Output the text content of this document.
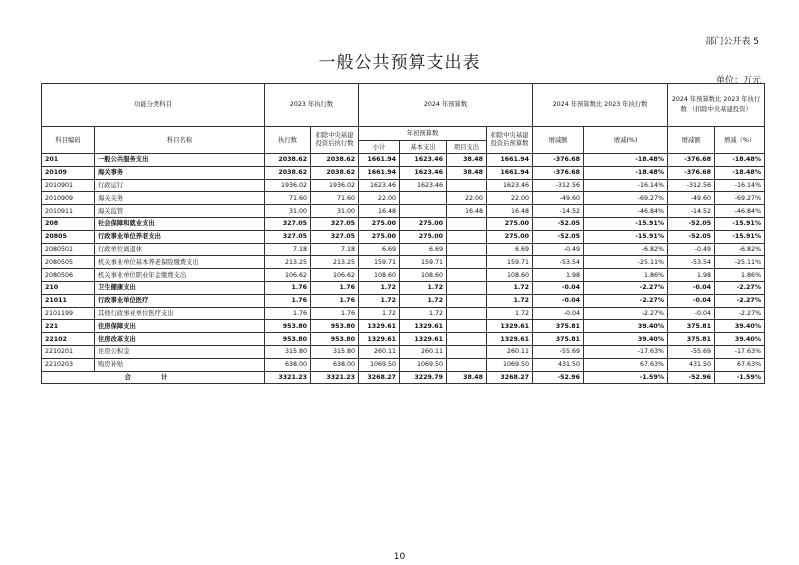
部门公开表 5
一般公共预算支出表
单位：万元
功能分类科目		2023 年执行数		2024 年预算数				2024 年预算数比 2023 年执行数		2024 年预算数比 2023 年执行数 （扣除中央基建投资）	
科目编码	科目名称	执行数	扣除中央基建投资后执行数	年初预算数			扣除中央基建投资后预算数	增减额	增减(%)	增减额	增减（%）
				小计	基本支出	项目支出					
201	一般公共服务支出	2038.62	2038.62	1661.94	1623.46	38.48	1661.94	-376.68	-18.48%	-376.68	-18.48%
20109	海关事务	2038.62	2038.62	1661.94	1623.46	38.48	1661.94	-376.68	-18.48%	-376.68	-18.48%
2010901	行政运行	1936.02	1936.02	1623.46	1623.46		1623.46	-312.56	-16.14%	-312.56	-16.14%
2010909	海关关务	71.60	71.60	22.00		22.00	22.00	-49.60	-69.27%	-49.60	-69.27%
2010911	海关监管	31.00	31.00	16.48		16.48	16.48	-14.52	-46.84%	-14.52	-46.84%
208	社会保障和就业支出	327.05	327.05	275.00	275.00		275.00	-52.05	-15.91%	-52.05	-15.91%
20805	行政事业单位养老支出	327.05	327.05	275.00	275.00		275.00	-52.05	-15.91%	-52.05	-15.91%
2080501	行政单位离退休	7.18	7.18	6.69	6.69		6.69	-0.49	-6.82%	-0.49	-6.82%
2080505	机关事业单位基本养老保险缴费支出	213.25	213.25	159.71	159.71		159.71	-53.54	-25.11%	-53.54	-25.11%
2080506	机关事业单位职业年金缴费支出	106.62	106.62	108.60	108.60		108.60	1.98	1.86%	1.98	1.86%
210	卫生健康支出	1.76	1.76	1.72	1.72		1.72	-0.04	-2.27%	-0.04	-2.27%
21011	行政事业单位医疗	1.76	1.76	1.72	1.72		1.72	-0.04	-2.27%	-0.04	-2.27%
2101199	其他行政事业单位医疗支出	1.76	1.76	1.72	1.72		1.72	-0.04	-2.27%	-0.04	-2.27%
221	住房保障支出	953.80	953.80	1329.61	1329.61		1329.61	375.81	39.40%	375.81	39.40%
22102	住房改革支出	953.80	953.80	1329.61	1329.61		1329.61	375.81	39.40%	375.81	39.40%
2210201	住房公积金	315.80	315.80	260.11	260.11		260.11	-55.69	-17.63%	-55.69	-17.63%
2210203	购房补贴	638.00	638.00	1069.50	1069.50		1069.50	431.50	67.63%	431.50	67.63%
合 计		3321.23	3321.23	3268.27	3229.79	38.48	3268.27	-52.96	-1.59%	-52.96	-1.59%
10
